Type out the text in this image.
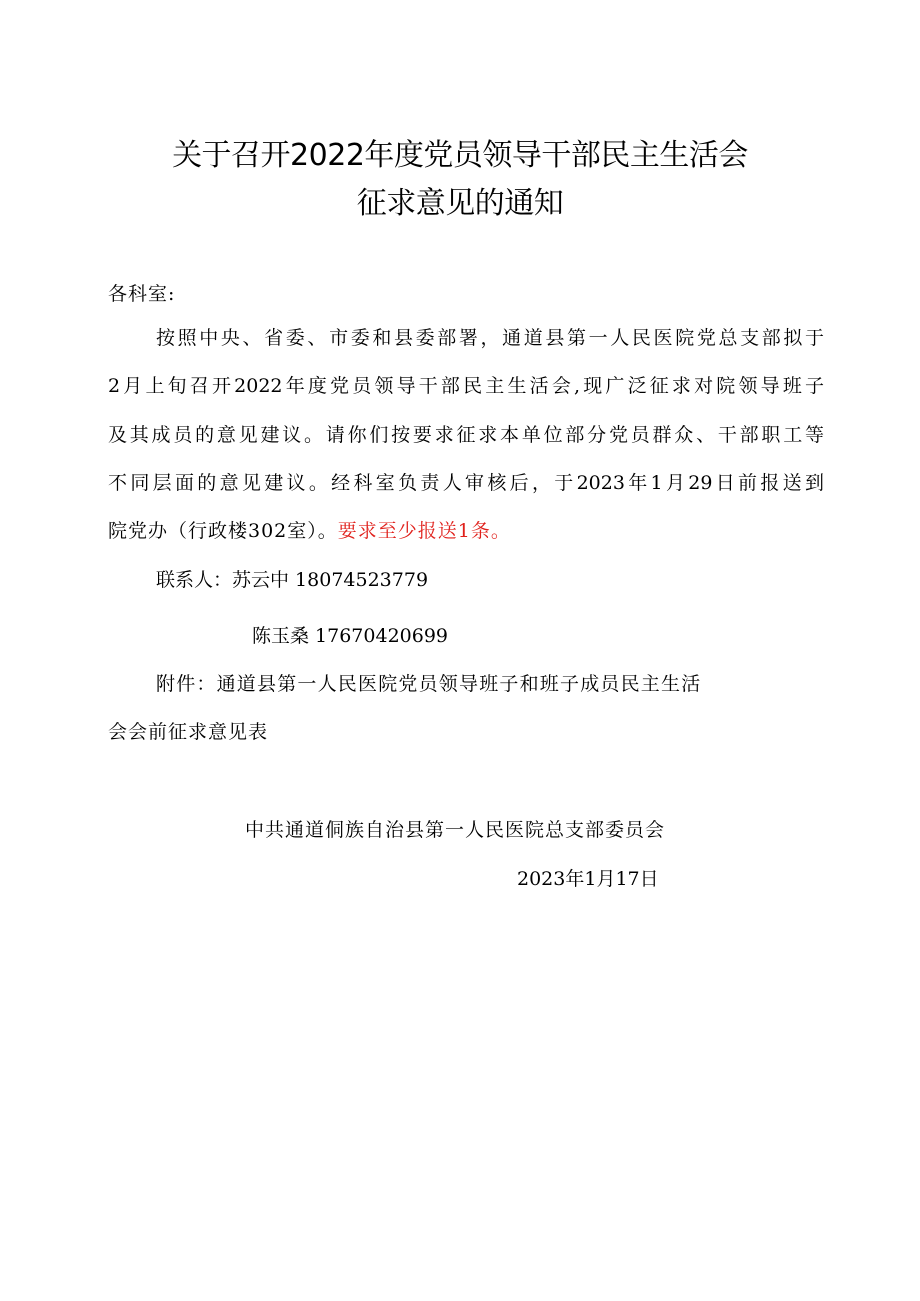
关于召开2022年度党员领导干部民主生活会
征求意见的通知
各科室:
按照中央、省委、市委和县委部署，通道县第一人民医院党总支部拟于
2月上旬召开2022年度党员领导干部民主生活会,现广泛征求对院领导班子
及其成员的意见建议。请你们按要求征求本单位部分党员群众、干部职工等
不同层面的意见建议。经科室负责人审核后，于2023年1月29日前报送到
院党办（行政楼302室）。要求至少报送1条。
联系人：苏云中 18074523779
陈玉桑 17670420699
附件：通道县第一人民医院党员领导班子和班子成员民主生活
会会前征求意见表
中共通道侗族自治县第一人民医院总支部委员会
2023年1月17日
